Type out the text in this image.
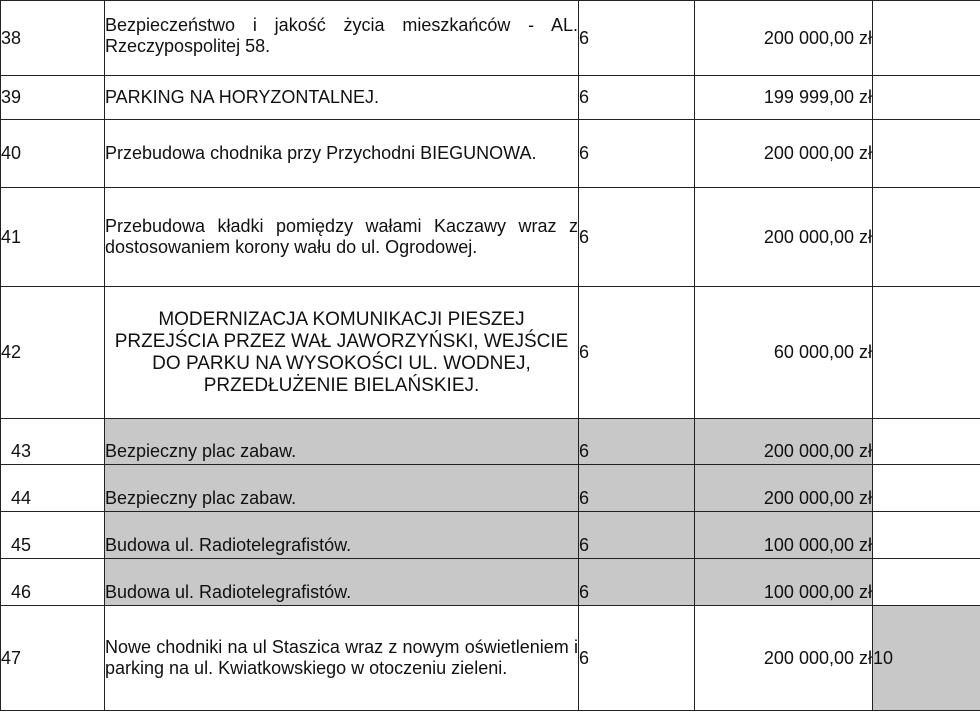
38	Bezpieczeństwo i jakość życia mieszkańców - AL. Rzeczypospolitej 58.	6	200 000,00 zł	
39	PARKING NA HORYZONTALNEJ.	6	199 999,00 zł	
40	Przebudowa chodnika przy Przychodni BIEGUNOWA.	6	200 000,00 zł	
41	Przebudowa kładki pomiędzy wałami Kaczawy wraz z dostosowaniem korony wału do ul. Ogrodowej.	6	200 000,00 zł	
42	MODERNIZACJA KOMUNIKACJI PIESZEJ PRZEJŚCIA PRZEZ WAŁ JAWORZYŃSKI, WEJŚCIE DO PARKU NA WYSOKOŚCI UL. WODNEJ, PRZEDŁUŻENIE BIELAŃSKIEJ.	6	60 000,00 zł	
43	Bezpieczny plac zabaw.	6	200 000,00 zł	
44	Bezpieczny plac zabaw.	6	200 000,00 zł	
45	Budowa ul. Radiotelegrafistów.	6	100 000,00 zł	
46	Budowa ul. Radiotelegrafistów.	6	100 000,00 zł	
47	Nowe chodniki na ul Staszica wraz z nowym oświetleniem i parking na ul. Kwiatkowskiego w otoczeniu zieleni.	6	200 000,00 zł	10
